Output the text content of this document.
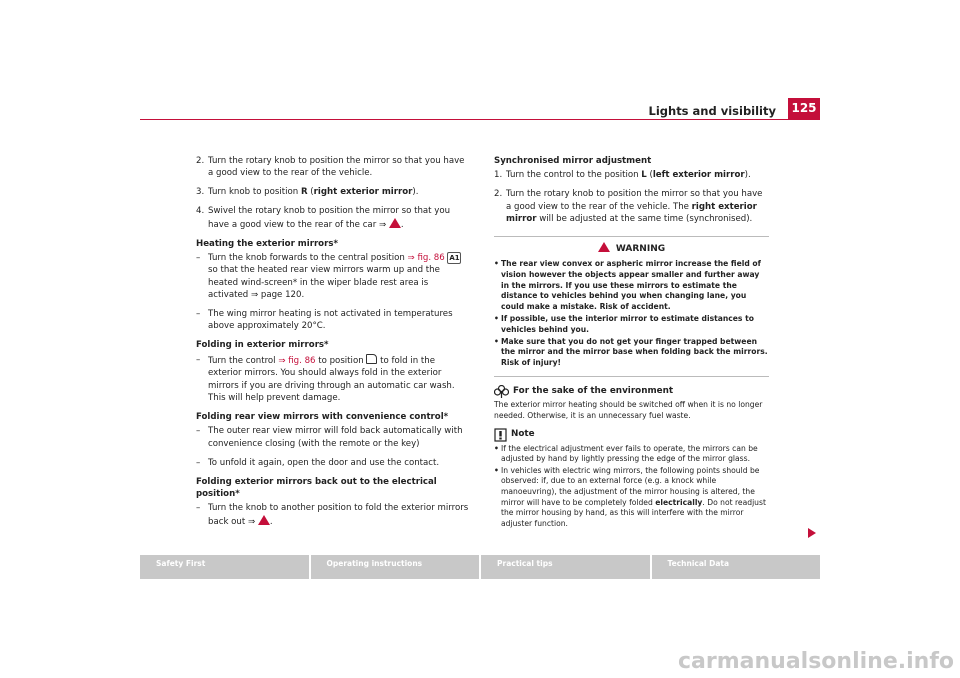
Lights and visibility 125
2. Turn the rotary knob to position the mirror so that you have a good view to the rear of the vehicle.
3. Turn knob to position R (right exterior mirror).
4. Swivel the rotary knob to position the mirror so that you have a good view to the rear of the car ⇒ .
Heating the exterior mirrors*
– Turn the knob forwards to the central position ⇒ fig. 86 A1 so that the heated rear view mirrors warm up and the heated wind-screen* in the wiper blade rest area is activated ⇒ page 120.
– The wing mirror heating is not activated in temperatures above approximately 20°C.
Folding in exterior mirrors*
– Turn the control ⇒ fig. 86 to position  to fold in the exterior mirrors. You should always fold in the exterior mirrors if you are driving through an automatic car wash. This will help prevent damage.
Folding rear view mirrors with convenience control*
– The outer rear view mirror will fold back automatically with convenience closing (with the remote or the key)
– To unfold it again, open the door and use the contact.
Folding exterior mirrors back out to the electrical position*
– Turn the knob to another position to fold the exterior mirrors back out ⇒ .
Synchronised mirror adjustment
1. Turn the control to the position L (left exterior mirror).
2. Turn the rotary knob to position the mirror so that you have a good view to the rear of the vehicle. The right exterior mirror will be adjusted at the same time (synchronised).
WARNING
• The rear view convex or aspheric mirror increase the field of vision however the objects appear smaller and further away in the mirrors. If you use these mirrors to estimate the distance to vehicles behind you when changing lane, you could make a mistake. Risk of accident.
• If possible, use the interior mirror to estimate distances to vehicles behind you.
• Make sure that you do not get your finger trapped between the mirror and the mirror base when folding back the mirrors. Risk of injury!
For the sake of the environment
The exterior mirror heating should be switched off when it is no longer needed. Otherwise, it is an unnecessary fuel waste.
Note
• If the electrical adjustment ever fails to operate, the mirrors can be adjusted by hand by lightly pressing the edge of the mirror glass.
• In vehicles with electric wing mirrors, the following points should be observed: if, due to an external force (e.g. a knock while manoeuvring), the adjustment of the mirror housing is altered, the mirror will have to be completely folded electrically. Do not readjust the mirror housing by hand, as this will interfere with the mirror adjuster function.
Safety First	Operating instructions	Practical tips	Technical Data
carmanualsonline.info
